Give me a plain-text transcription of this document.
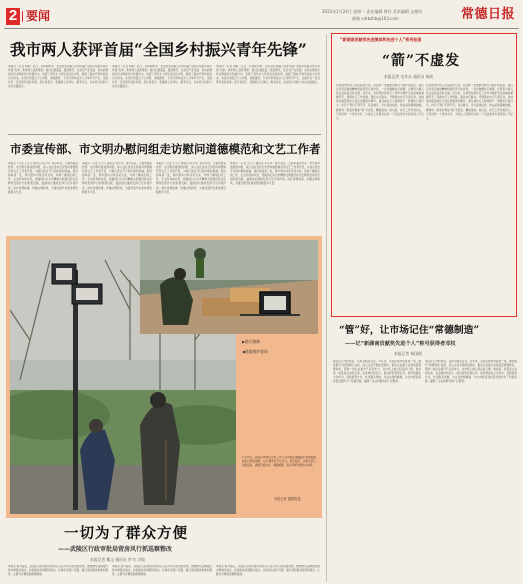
2 要闻	2022年1月24日 星期一 责任编辑 曾玲 美术编辑 文德周
邮箱 cdrbzhb@163.com	常德日报
我市两人获评首届“全国乡村振兴青年先锋”
本报讯（记者 刘婷）近日，共青团中央、农业农村部联合发布首届“全国乡村振兴青年先锋”名单，我市两人获此殊荣。他们扎根基层、服务群众，在乡村产业发展、乡村治理和乡风文明建设中积极作为，发挥了青年生力军和突击队作用，展现了新时代青年的担当与风采。本次评选经过个人申报、逐级推荐、专家评审和社会公示等环节产生，全国共有一百名青年获此荣誉。获评者表示，将继续立足岗位、服务乡亲，以实际行动助力乡村全面振兴。
本报讯（记者 刘婷）近日，共青团中央、农业农村部联合发布首届“全国乡村振兴青年先锋”名单，我市两人获此殊荣。他们扎根基层、服务群众，在乡村产业发展、乡村治理和乡风文明建设中积极作为，发挥了青年生力军和突击队作用，展现了新时代青年的担当与风采。本次评选经过个人申报、逐级推荐、专家评审和社会公示等环节产生，全国共有一百名青年获此荣誉。获评者表示，将继续立足岗位、服务乡亲，以实际行动助力乡村全面振兴。
本报讯（记者 刘婷）近日，共青团中央、农业农村部联合发布首届“全国乡村振兴青年先锋”名单，我市两人获此殊荣。他们扎根基层、服务群众，在乡村产业发展、乡村治理和乡风文明建设中积极作为，发挥了青年生力军和突击队作用，展现了新时代青年的担当与风采。本次评选经过个人申报、逐级推荐、专家评审和社会公示等环节产生，全国共有一百名青年获此荣誉。获评者表示，将继续立足岗位、服务乡亲，以实际行动助力乡村全面振兴。
市委宣传部、市文明办慰问组走访慰问道德模范和文艺工作者
本报讯（记者 王小兰 通讯员 李小军）春节将至，日前市委宣传部、市文明办组成慰问组，深入各区县市走访慰问道德模范和文艺工作者代表，为他们送去节日的问候和祝福。慰问组每到一处，都与慰问对象亲切交谈，详细了解他们的工作、生活和身体状况，感谢他们为全市精神文明建设和文化繁荣发展作出的积极贡献，鼓励他们继续发挥示范引领作用，讲好常德故事，传播文明新风，为建设现代化新常德贡献更多力量。
本报讯（记者 王小兰 通讯员 李小军）春节将至，日前市委宣传部、市文明办组成慰问组，深入各区县市走访慰问道德模范和文艺工作者代表，为他们送去节日的问候和祝福。慰问组每到一处，都与慰问对象亲切交谈，详细了解他们的工作、生活和身体状况，感谢他们为全市精神文明建设和文化繁荣发展作出的积极贡献，鼓励他们继续发挥示范引领作用，讲好常德故事，传播文明新风，为建设现代化新常德贡献更多力量。
本报讯（记者 王小兰 通讯员 李小军）春节将至，日前市委宣传部、市文明办组成慰问组，深入各区县市走访慰问道德模范和文艺工作者代表，为他们送去节日的问候和祝福。慰问组每到一处，都与慰问对象亲切交谈，详细了解他们的工作、生活和身体状况，感谢他们为全市精神文明建设和文化繁荣发展作出的积极贡献，鼓励他们继续发挥示范引领作用，讲好常德故事，传播文明新风，为建设现代化新常德贡献更多力量。
本报讯（记者 王小兰 通讯员 李小军）春节将至，日前市委宣传部、市文明办组成慰问组，深入各区县市走访慰问道德模范和文艺工作者代表，为他们送去节日的问候和祝福。慰问组每到一处，都与慰问对象亲切交谈，详细了解他们的工作、生活和身体状况，感谢他们为全市精神文明建设和文化繁荣发展作出的积极贡献，鼓励他们继续发挥示范引领作用，讲好常德故事，传播文明新风，为建设现代化新常德贡献更多力量。
▶路灯维修
◀道路维护现场
1月20日，武陵区城管执法局工作人员对辖区道路路灯和破损路面进行排查维修，以方便市民节日出行。春节临近，各相关部门加强巡查，确保设施完好、道路畅通，用心用情为群众办实事。
本报记者 摄影报道
一切为了群众方便
——武陵区行政审批局营房风行抓巡察整改
本报记者 戴文 通讯员 李 红 刘佳
本报讯 春节临近，武陵区行政审批局坚持以人民为中心的发展思想，聚焦群众反映强烈的办事难点堵点，持续推进巡察整改落实。该局优化窗口设置，推行延时服务和预约服务，让群众办事更加便捷高效。
本报讯 春节临近，武陵区行政审批局坚持以人民为中心的发展思想，聚焦群众反映强烈的办事难点堵点，持续推进巡察整改落实。该局优化窗口设置，推行延时服务和预约服务，让群众办事更加便捷高效。
本报讯 春节临近，武陵区行政审批局坚持以人民为中心的发展思想，聚焦群众反映强烈的办事难点堵点，持续推进巡察整改落实。该局优化窗口设置，推行延时服务和预约服务，让群众办事更加便捷高效。
“新湖南贡献奖先进集体和先进个人”系列报道
“箭”不虚发
本报记者 毛作永 通讯员 胡成
在常德市中级人民法院执行局，有这样一支被群众称为“利箭”的队伍。他们以攻坚克难的精神和雷厉风行的作风，一次次破解执行难题，让胜诉当事人的合法权益及时兑现。近年来，该局坚持把执行工作作为维护司法权威的重要环节，创新执行工作机制，强化执行联动，开展集中执行专项行动，执结案件数量和执行到位金额逐年攀升。面对被执行人转移财产、规避执行等行为，执行干警们不辞辛劳，夜以继日，多方查找线索，依法采取强制措施，确保每一起案件都能“箭”无虚发、精准落地。他们说，执行工作连着民心，只有把每一个案件办好，才能让人民群众在每一个司法案件中感受到公平正义。
在常德市中级人民法院执行局，有这样一支被群众称为“利箭”的队伍。他们以攻坚克难的精神和雷厉风行的作风，一次次破解执行难题，让胜诉当事人的合法权益及时兑现。近年来，该局坚持把执行工作作为维护司法权威的重要环节，创新执行工作机制，强化执行联动，开展集中执行专项行动，执结案件数量和执行到位金额逐年攀升。面对被执行人转移财产、规避执行等行为，执行干警们不辞辛劳，夜以继日，多方查找线索，依法采取强制措施，确保每一起案件都能“箭”无虚发、精准落地。他们说，执行工作连着民心，只有把每一个案件办好，才能让人民群众在每一个司法案件中感受到公平正义。
“管”好，让市场记住“常德制造”
——记“新湖南贡献奖先进个人”称号获得者邓权
本报记者 杨国刚
他以匠心守护质量，以担当服务企业。多年来，邓权扎根市场监管一线，围绕提升“常德制造”品质，深入企业开展质量帮扶，推动企业建立完善质量管理体系，帮助一批企业提升产品竞争力，在市场上树立起良好口碑。他常说，质量是企业的生命，也是城市的名片。面对新形势新任务，他带领团队主动作为，创新监管方式，优化服务举措，为企业排忧解难，为全市经济高质量发展作出了积极贡献，赢得了企业和群众的广泛赞誉。
他以匠心守护质量，以担当服务企业。多年来，邓权扎根市场监管一线，围绕提升“常德制造”品质，深入企业开展质量帮扶，推动企业建立完善质量管理体系，帮助一批企业提升产品竞争力，在市场上树立起良好口碑。他常说，质量是企业的生命，也是城市的名片。面对新形势新任务，他带领团队主动作为，创新监管方式，优化服务举措，为企业排忧解难，为全市经济高质量发展作出了积极贡献，赢得了企业和群众的广泛赞誉。
